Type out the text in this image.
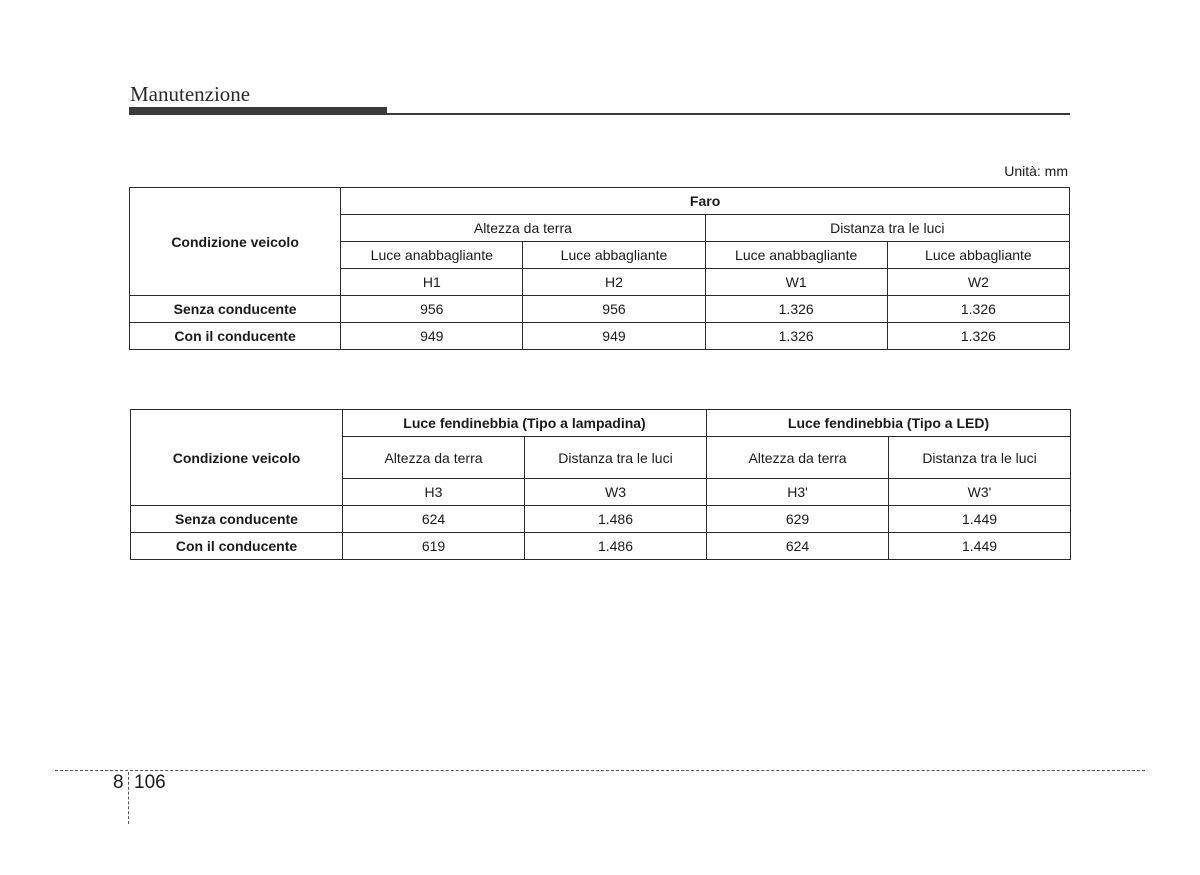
Manutenzione
Unità: mm
Condizione veicolo	Faro			
	Altezza da terra		Distanza tra le luci	
	Luce anabbagliante	Luce abbagliante	Luce anabbagliante	Luce abbagliante
	H1	H2	W1	W2
Senza conducente	956	956	1.326	1.326
Con il conducente	949	949	1.326	1.326
Condizione veicolo	Luce fendinebbia (Tipo a lampadina)		Luce fendinebbia (Tipo a LED)	
	Altezza da terra	Distanza tra le luci	Altezza da terra	Distanza tra le luci
	H3	W3	H3'	W3'
Senza conducente	624	1.486	629	1.449
Con il conducente	619	1.486	624	1.449
8 106
